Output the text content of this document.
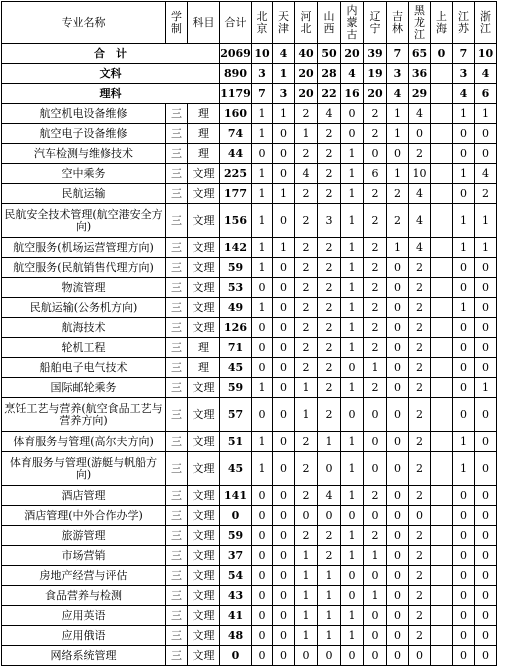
专业名称	学制	科目	合计	北京	天津	河北	山西	内蒙古	辽宁	吉林	黑龙江	上海	江苏	浙江
合　计			2069	10	4	40	50	20	39	7	65	0	7	10
文科			890	3	1	20	28	4	19	3	36		3	4
理科			1179	7	3	20	22	16	20	4	29		4	6
航空机电设备维修	三	理	160	1	1	2	4	0	2	1	4		1	1
航空电子设备维修	三	理	74	1	0	1	2	0	2	1	0		0	0
汽车检测与维修技术	三	理	44	0	0	2	2	1	0	0	2		0	0
空中乘务	三	文理	225	1	0	4	2	1	6	1	10		1	4
民航运输	三	文理	177	1	1	2	2	1	2	2	4		0	2
民航安全技术管理(航空港安全方向)	三	文理	156	1	0	2	3	1	2	2	4		1	1
航空服务(机场运营管理方向)	三	文理	142	1	1	2	2	1	2	1	4		1	1
航空服务(民航销售代理方向)	三	文理	59	1	0	2	2	1	2	0	2		0	0
物流管理	三	文理	53	0	0	2	2	1	2	0	2		0	0
民航运输(公务机方向)	三	文理	49	1	0	2	2	1	2	0	2		1	0
航海技术	三	文理	126	0	0	2	2	1	2	0	2		0	0
轮机工程	三	理	71	0	0	2	2	1	2	0	2		0	0
船舶电子电气技术	三	理	45	0	0	2	2	0	1	0	2		0	0
国际邮轮乘务	三	文理	59	1	0	1	2	1	2	0	2		0	1
烹饪工艺与营养(航空食品工艺与营养方向)	三	文理	57	0	0	1	2	0	0	0	2		0	0
体育服务与管理(高尔夫方向)	三	文理	51	1	0	2	1	1	0	0	2		1	0
体育服务与管理(游艇与帆船方向)	三	文理	45	1	0	2	0	1	0	0	2		1	0
酒店管理	三	文理	141	0	0	2	4	1	2	0	2		0	0
酒店管理(中外合作办学)	三	文理	0	0	0	0	0	0	0	0	0		0	0
旅游管理	三	文理	59	0	0	2	2	1	2	0	2		0	0
市场营销	三	文理	37	0	0	1	2	1	1	0	2		0	0
房地产经营与评估	三	文理	54	0	0	1	1	0	0	0	2		0	0
食品营养与检测	三	文理	43	0	0	1	1	0	1	0	2		0	0
应用英语	三	文理	41	0	0	1	1	1	0	0	2		0	0
应用俄语	三	文理	48	0	0	1	1	1	0	0	2		0	0
网络系统管理	三	文理	0	0	0	0	0	0	0	0	0		0	0
